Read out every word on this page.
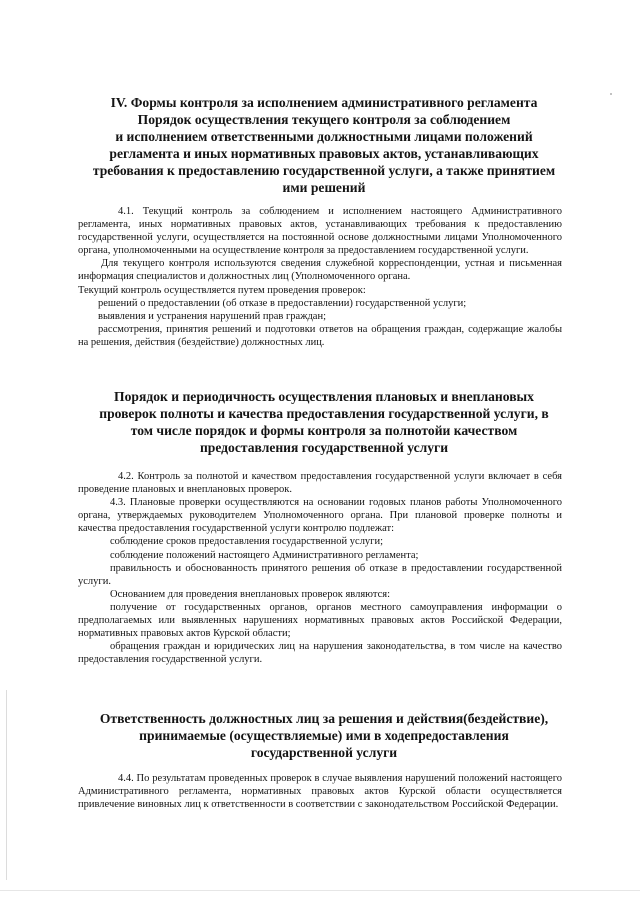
IV. Формы контроля за исполнением административного регламента
Порядок осуществления текущего контроля за соблюдением
и исполнением ответственными должностными лицами положений
регламента и иных нормативных правовых актов, устанавливающих
требования к предоставлению государственной услуги, а также принятием
ими решений

4.1. Текущий контроль за соблюдением и исполнением настоящего Административного регламента, иных нормативных правовых актов, устанавливающих требования к предоставлению государственной услуги, осуществляется на постоянной основе должностными лицами Уполномоченного органа, уполномоченными на осуществление контроля за предоставлением государственной услуги.

Для текущего контроля используются сведения служебной корреспонденции, устная и письменная информация специалистов и должностных лиц (Уполномоченного органа.

Текущий контроль осуществляется путем проведения проверок:

решений о предоставлении (об отказе в предоставлении) государственной услуги;

выявления и устранения нарушений прав граждан;

рассмотрения, принятия решений и подготовки ответов на обращения граждан, содержащие жалобы на решения, действия (бездействие) должностных лиц.

Порядок и периодичность осуществления плановых и внеплановых
проверок полноты и качества предоставления государственной услуги, в
том числе порядок и формы контроля за полнотойи качеством
предоставления государственной услуги

4.2. Контроль за полнотой и качеством предоставления государственной услуги включает в себя проведение плановых и внеплановых проверок.

4.3. Плановые проверки осуществляются на основании годовых планов работы Уполномоченного органа, утверждаемых руководителем Уполномоченного органа. При плановой проверке полноты и качества предоставления государственной услуги контролю подлежат:

соблюдение сроков предоставления государственной услуги;

соблюдение положений настоящего Административного регламента;

правильность и обоснованность принятого решения об отказе в предоставлении государственной услуги.

Основанием для проведения внеплановых проверок являются:

получение от государственных органов, органов местного самоуправления информации о предполагаемых или выявленных нарушениях нормативных правовых актов Российской Федерации, нормативных правовых актов Курской области;

обращения граждан и юридических лиц на нарушения законодательства, в том числе на качество предоставления государственной услуги.

Ответственность должностных лиц за решения и действия(бездействие),
принимаемые (осуществляемые) ими в ходепредоставления
государственной услуги

4.4. По результатам проведенных проверок в случае выявления нарушений положений настоящего Административного регламента, нормативных правовых актов Курской области осуществляется привлечение виновных лиц к ответственности в соответствии с законодательством Российской Федерации.
